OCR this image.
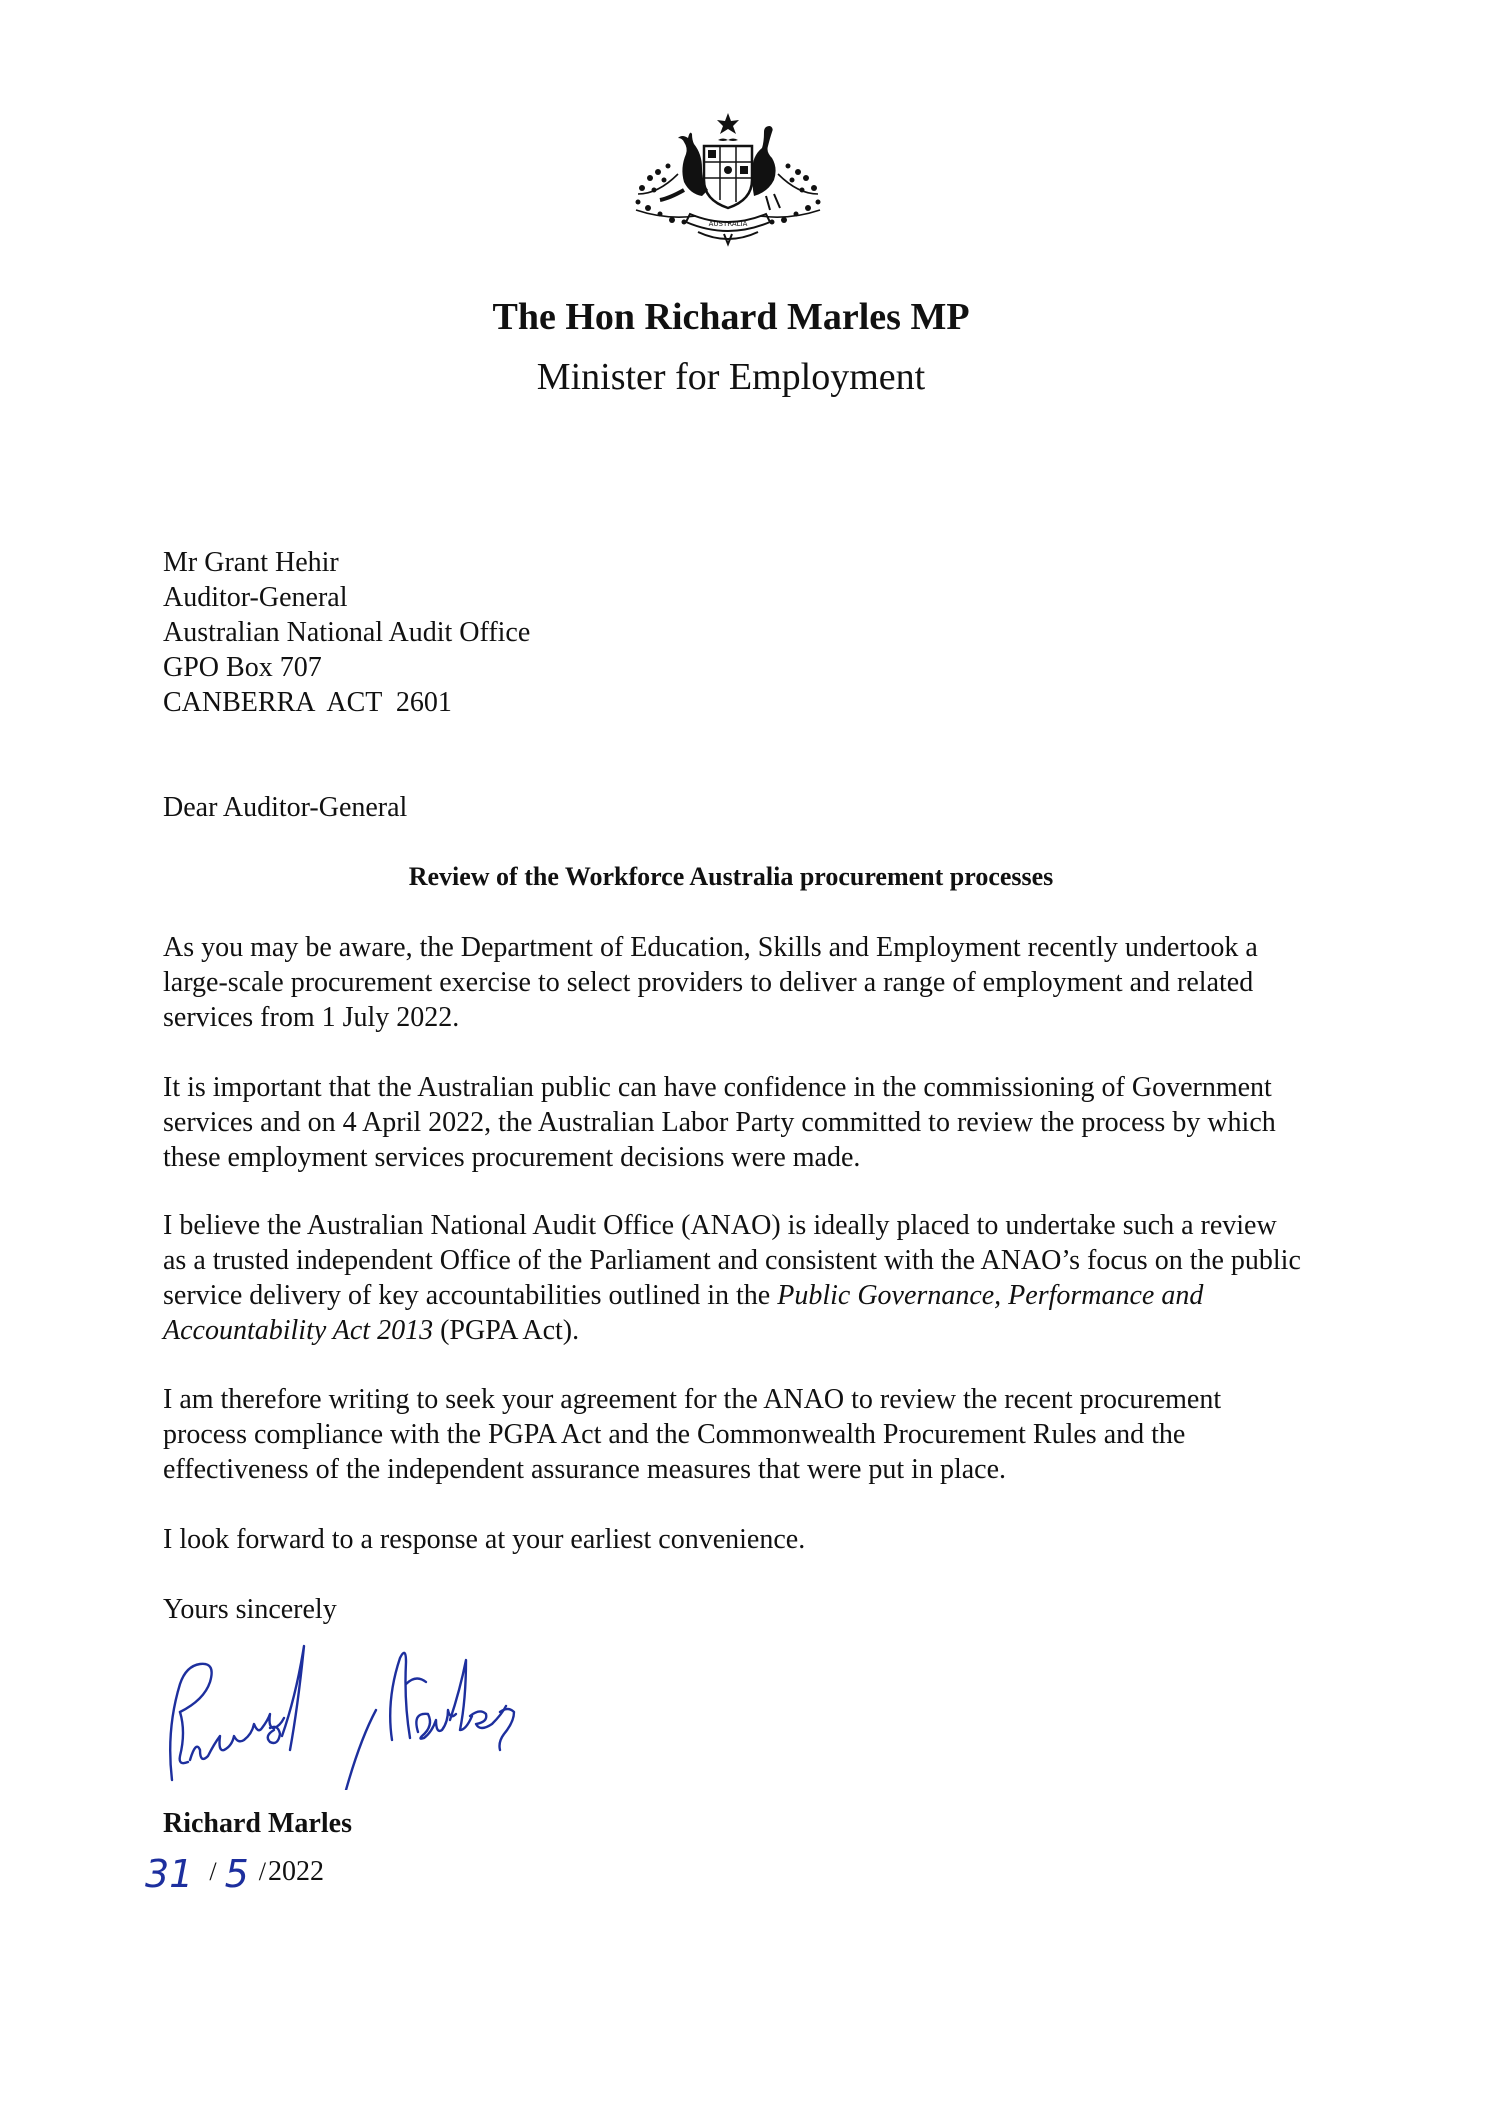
AUSTRALIA
The Hon Richard Marles MP
Minister for Employment
Mr Grant Hehir
Auditor-General
Australian National Audit Office
GPO Box 707
CANBERRA  ACT  2601
Dear Auditor-General
Review of the Workforce Australia procurement processes
As you may be aware, the Department of Education, Skills and Employment recently undertook a large-scale procurement exercise to select providers to deliver a range of employment and related services from 1 July 2022.
It is important that the Australian public can have confidence in the commissioning of Government services and on 4 April 2022, the Australian Labor Party committed to review the process by which these employment services procurement decisions were made.
I believe the Australian National Audit Office (ANAO) is ideally placed to undertake such a review as a trusted independent Office of the Parliament and consistent with the ANAO’s focus on the public service delivery of key accountabilities outlined in the Public Governance, Performance and Accountability Act 2013 (PGPA Act).
I am therefore writing to seek your agreement for the ANAO to review the recent procurement process compliance with the PGPA Act and the Commonwealth Procurement Rules and the effectiveness of the independent assurance measures that were put in place.
I look forward to a response at your earliest convenience.
Yours sincerely
Richard Marles
Richard Marles
31 / 5 / 2022
